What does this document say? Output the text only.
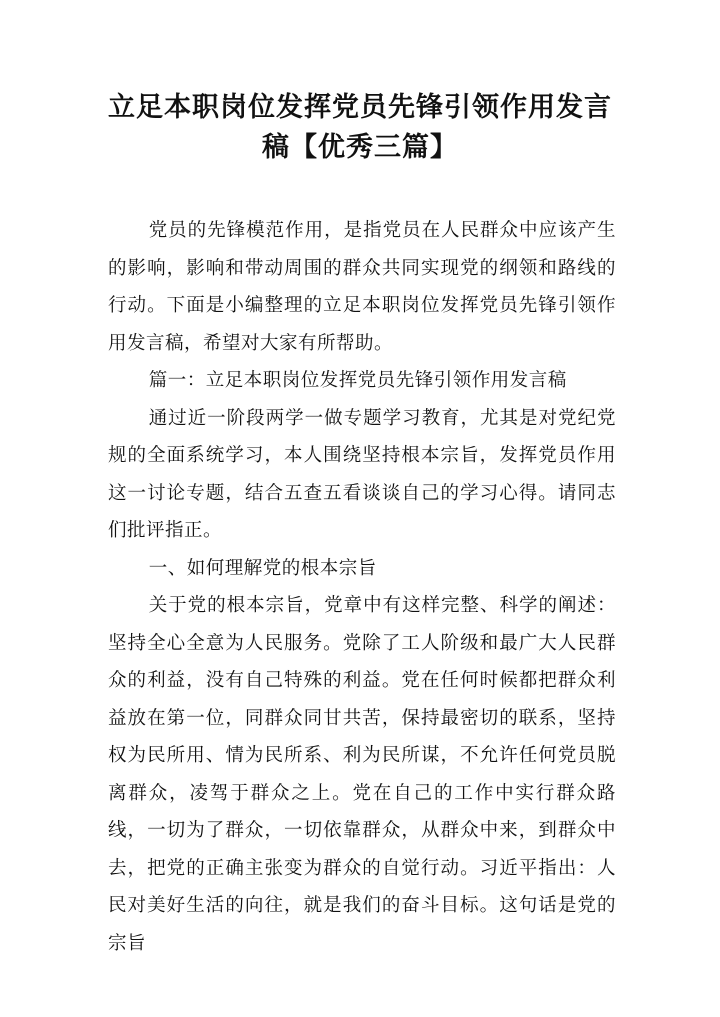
立足本职岗位发挥党员先锋引领作用发言
稿【优秀三篇】

党员的先锋模范作用，是指党员在人民群众中应该产生的影响，影响和带动周围的群众共同实现党的纲领和路线的行动。下面是小编整理的立足本职岗位发挥党员先锋引领作用发言稿，希望对大家有所帮助。

篇一：立足本职岗位发挥党员先锋引领作用发言稿

通过近一阶段两学一做专题学习教育，尤其是对党纪党规的全面系统学习，本人围绕坚持根本宗旨，发挥党员作用这一讨论专题，结合五查五看谈谈自己的学习心得。请同志们批评指正。

一、如何理解党的根本宗旨

关于党的根本宗旨，党章中有这样完整、科学的阐述：坚持全心全意为人民服务。党除了工人阶级和最广大人民群众的利益，没有自己特殊的利益。党在任何时候都把群众利益放在第一位，同群众同甘共苦，保持最密切的联系，坚持权为民所用、情为民所系、利为民所谋，不允许任何党员脱离群众，凌驾于群众之上。党在自己的工作中实行群众路线，一切为了群众，一切依靠群众，从群众中来，到群众中去，把党的正确主张变为群众的自觉行动。习近平指出：人民对美好生活的向往，就是我们的奋斗目标。这句话是党的宗旨
